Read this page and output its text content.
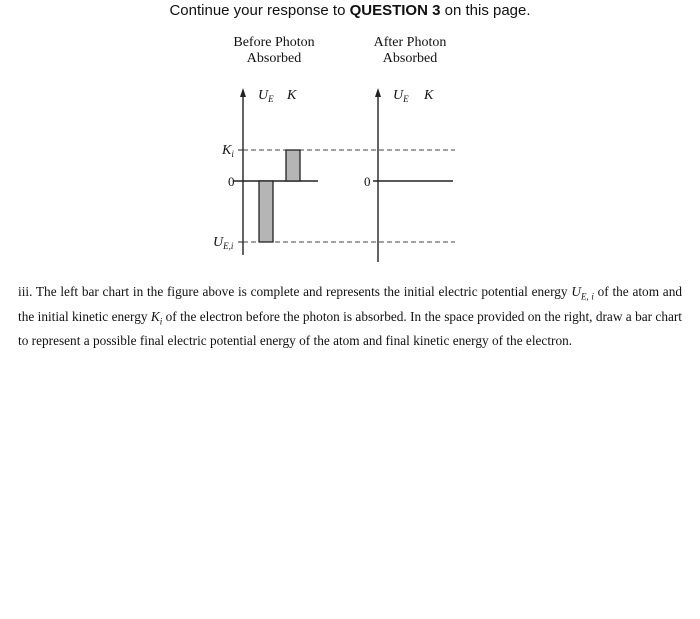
Continue your response to QUESTION 3 on this page.
Before Photon
Absorbed
After Photon
Absorbed
$U_E$ K
$K_i$
0
$U_{E,i}$
0
$U_E$ K
iii. The left bar chart in the figure above is complete and represents the initial electric potential energy $U_{E, i}$ of the atom and the initial kinetic energy $K_i$ of the electron before the photon is absorbed. In the space provided on the right, draw a bar chart to represent a possible final electric potential energy of the atom and final kinetic energy of the electron.
